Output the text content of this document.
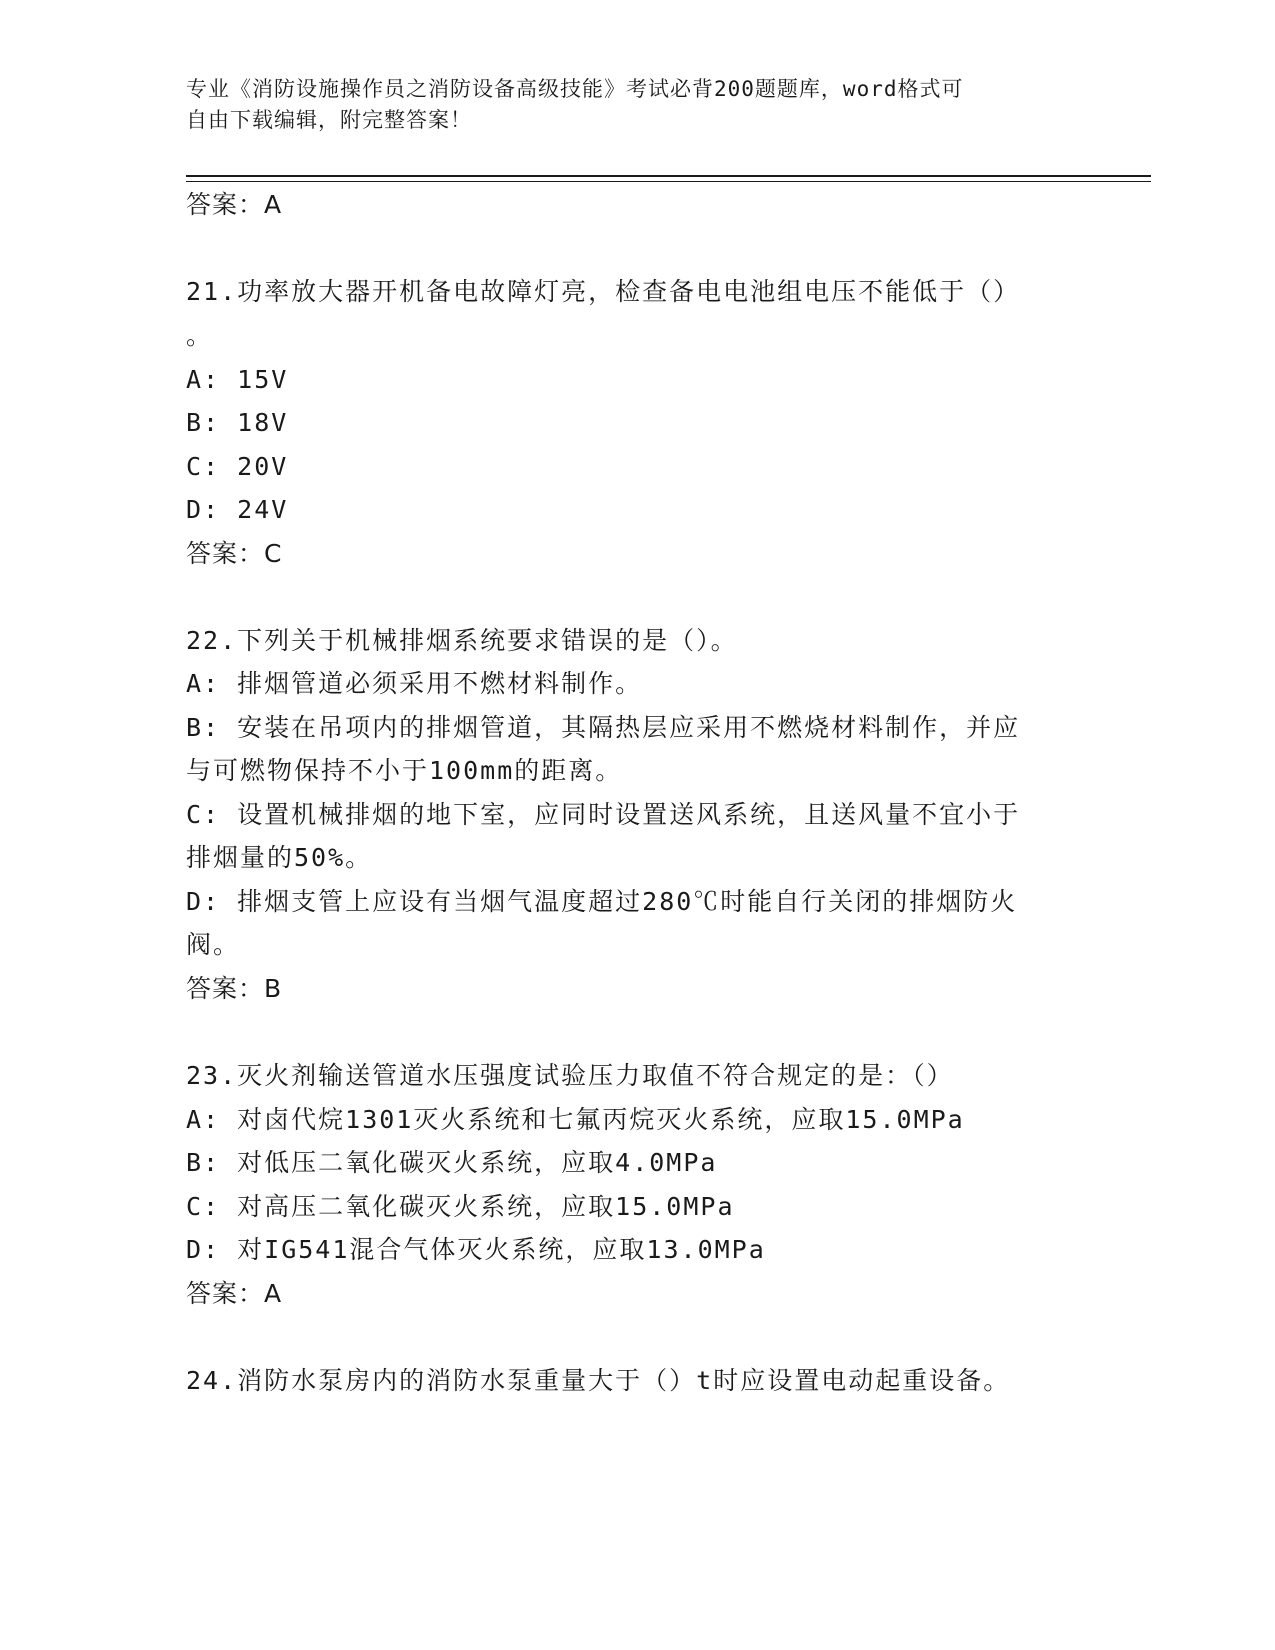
专业《消防设施操作员之消防设备高级技能》考试必背200题题库，word格式可
自由下载编辑，附完整答案！
答案：A
21.功率放大器开机备电故障灯亮，检查备电电池组电压不能低于（）
。
A: 15V
B: 18V
C: 20V
D: 24V
答案：C
22.下列关于机械排烟系统要求错误的是（）。
A: 排烟管道必须采用不燃材料制作。
B: 安装在吊项内的排烟管道，其隔热层应采用不燃烧材料制作，并应
与可燃物保持不小于100mm的距离。
C: 设置机械排烟的地下室，应同时设置送风系统，且送风量不宜小于
排烟量的50%。
D: 排烟支管上应设有当烟气温度超过280℃时能自行关闭的排烟防火
阀。
答案：B
23.灭火剂输送管道水压强度试验压力取值不符合规定的是：（）
A: 对卤代烷1301灭火系统和七氟丙烷灭火系统，应取15.0MPa
B: 对低压二氧化碳灭火系统，应取4.0MPa
C: 对高压二氧化碳灭火系统，应取15.0MPa
D: 对IG541混合气体灭火系统，应取13.0MPa
答案：A
24.消防水泵房内的消防水泵重量大于（）t时应设置电动起重设备。
